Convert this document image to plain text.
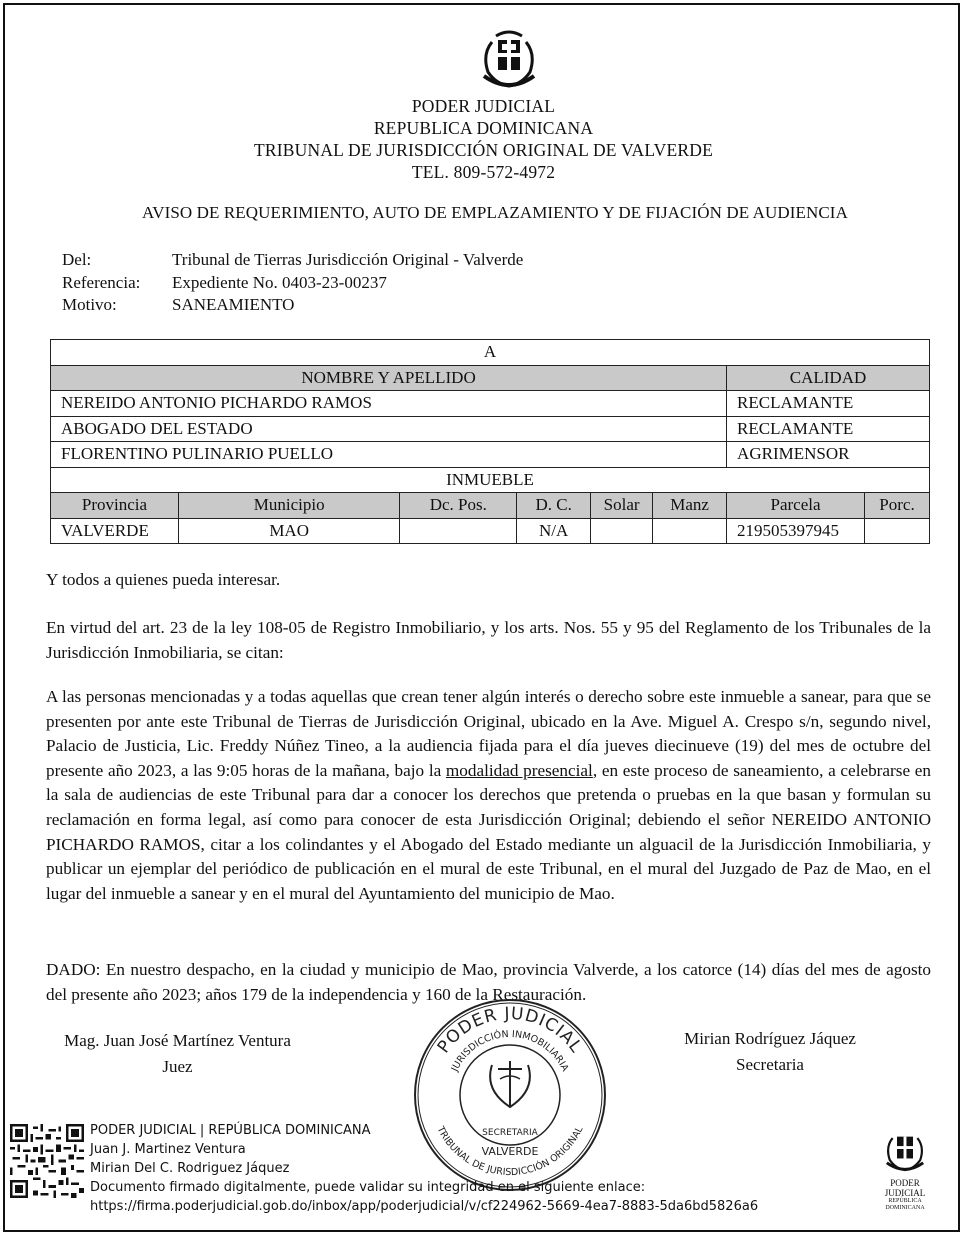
PODER JUDICIAL
REPUBLICA DOMINICANA
TRIBUNAL DE JURISDICCIÓN ORIGINAL DE VALVERDE
TEL. 809-572-4972
AVISO DE REQUERIMIENTO, AUTO DE EMPLAZAMIENTO Y DE FIJACIÓN DE AUDIENCIA
Del:	Tribunal de Tierras Jurisdicción Original - Valverde
Referencia:	Expediente No. 0403-23-00237
Motivo:	SANEAMIENTO
A							
NOMBRE Y APELLIDO						CALIDAD	
NEREIDO ANTONIO PICHARDO RAMOS						RECLAMANTE	
ABOGADO DEL ESTADO						RECLAMANTE	
FLORENTINO PULINARIO PUELLO						AGRIMENSOR	
INMUEBLE							
Provincia	Municipio	Dc. Pos.	D. C.	Solar	Manz	Parcela	Porc.
VALVERDE	MAO		N/A			219505397945	
Y todos a quienes pueda interesar.
En virtud del art. 23 de la ley 108-05 de Registro Inmobiliario, y los arts. Nos. 55 y 95 del Reglamento de los Tribunales de la Jurisdicción Inmobiliaria, se citan:
A las personas mencionadas y a todas aquellas que crean tener algún interés o derecho sobre este inmueble a sanear, para que se presenten por ante este Tribunal de Tierras de Jurisdicción Original, ubicado en la Ave. Miguel A. Crespo s/n, segundo nivel, Palacio de Justicia, Lic. Freddy Núñez Tineo, a la audiencia fijada para el día jueves diecinueve (19) del mes de octubre del presente año 2023, a las 9:05 horas de la mañana, bajo la modalidad presencial, en este proceso de saneamiento, a celebrarse en la sala de audiencias de este Tribunal para dar a conocer los derechos que pretenda o pruebas en la que basan y formulan su reclamación en forma legal, así como para conocer de esta Jurisdicción Original; debiendo el señor NEREIDO ANTONIO PICHARDO RAMOS, citar a los colindantes y el Abogado del Estado mediante un alguacil de la Jurisdicción Inmobiliaria, y publicar un ejemplar del periódico de publicación en el mural de este Tribunal, en el mural del Juzgado de Paz de Mao, en el lugar del inmueble a sanear y en el mural del Ayuntamiento del municipio de Mao.
DADO: En nuestro despacho, en la ciudad y municipio de Mao, provincia Valverde, a los catorce (14) días del mes de agosto del presente año 2023; años 179 de la independencia y 160 de la Restauración.
Mag. Juan José Martínez Ventura
Juez
Mirian Rodríguez Jáquez
Secretaria
PODER JUDICIAL
JURISDICCIÓN INMOBILIARIA
TRIBUNAL DE JURISDICCIÓN ORIGINAL
SECRETARIA
VALVERDE
PODER JUDICIAL | REPÚBLICA DOMINICANA
Juan J. Martinez Ventura
Mirian Del C. Rodriguez Jáquez
Documento firmado digitalmente, puede validar su integridad en el siguiente enlace:
https://firma.poderjudicial.gob.do/inbox/app/poderjudicial/v/cf224962-5669-4ea7-8883-5da6bd5826a6
PODER JUDICIAL
REPÚBLICA DOMINICANA
